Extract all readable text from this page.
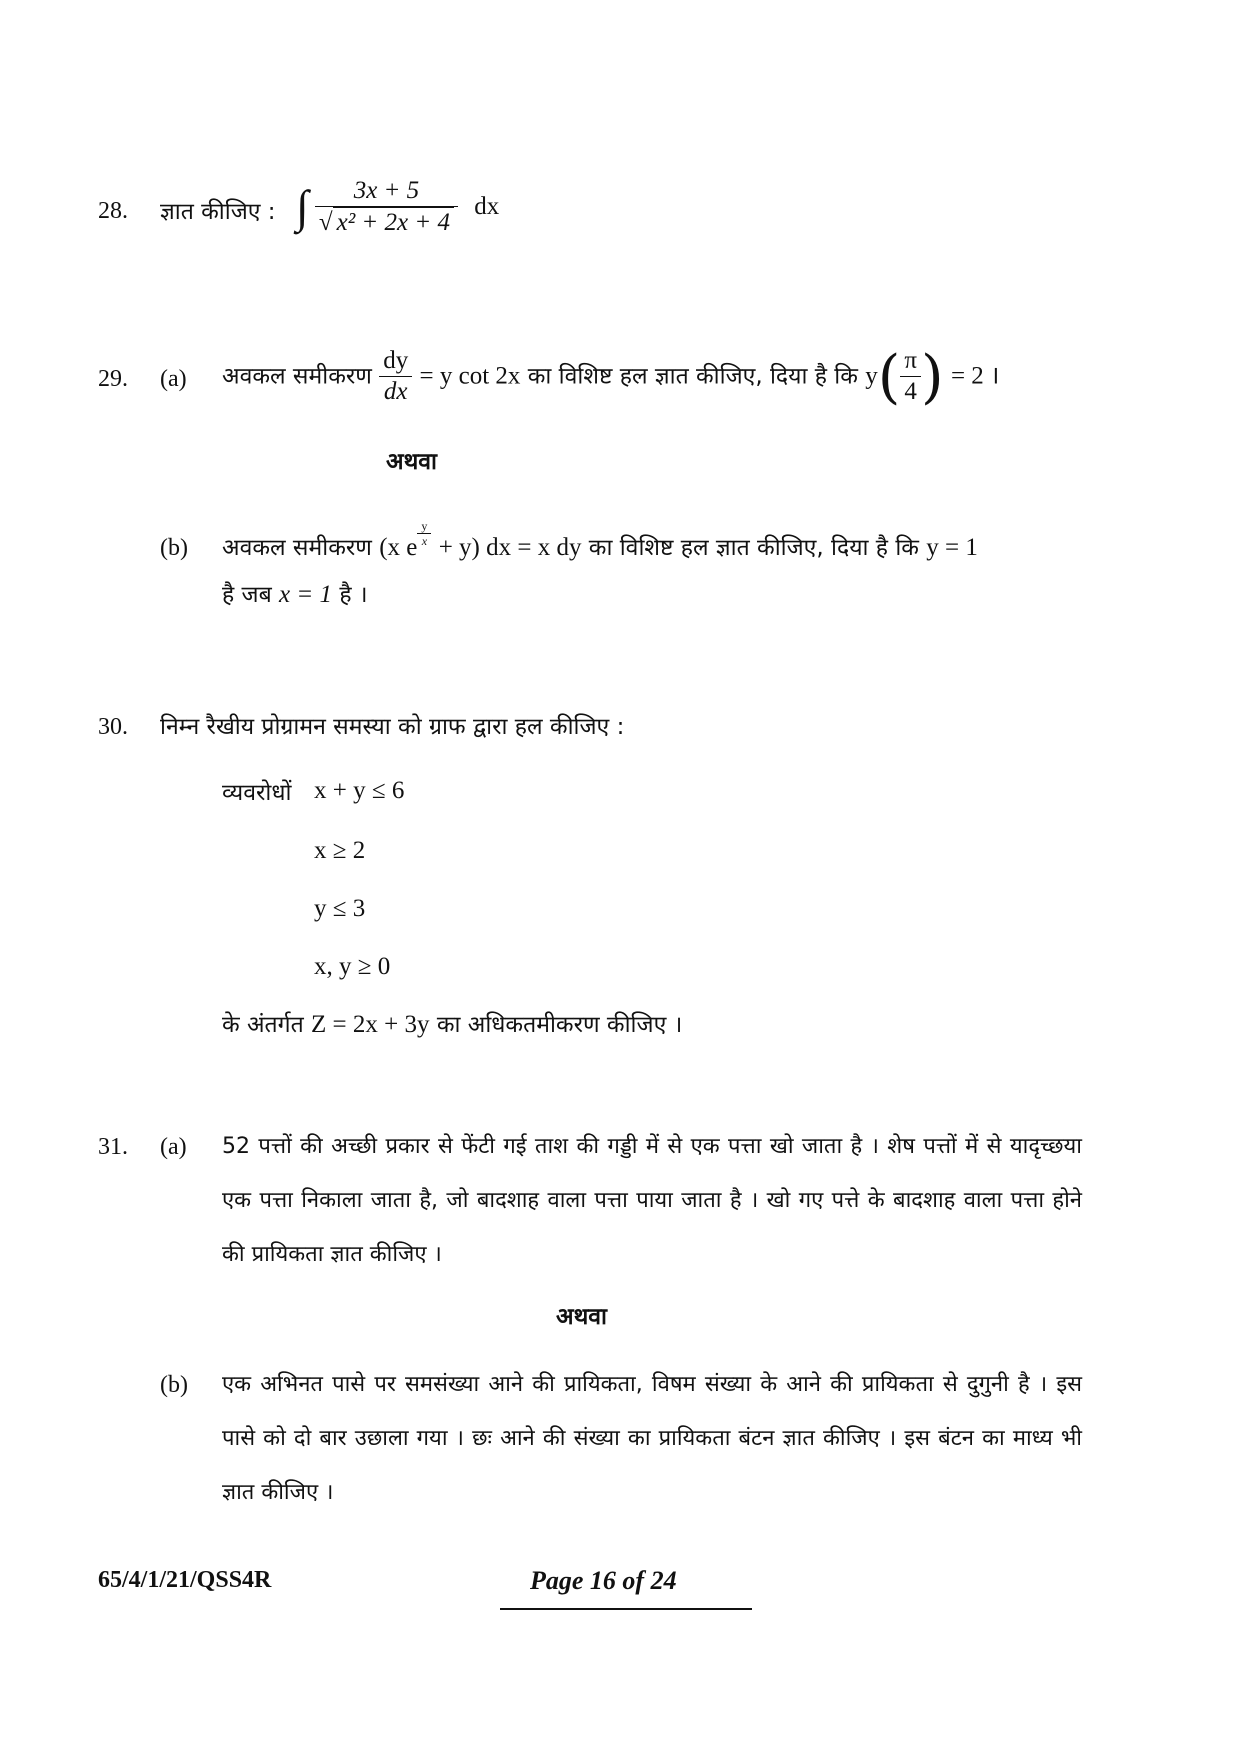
28. ज्ञात कीजिए : ∫ $\frac{3x + 5}{\text{√ x² + 2x + 4}}$ dx
29. (a) अवकल समीकरण $\frac{dy}{dx} = y$ cot 2x का विशिष्ट हल ज्ञात कीजिए, दिया है कि $y( \frac{\pi}{4}$ ) = 2 ।
अथवा
(b) अवकल समीकरण (x e $\frac{y}{x} + y$) dx = x dy का विशिष्ट हल ज्ञात कीजिए, दिया है कि y = 1
है जब x = 1 है ।
30. निम्न रैखीय प्रोग्रामन समस्या को ग्राफ द्वारा हल कीजिए :
व्यवरोधों x + y ≤ 6
x ≥ 2
y ≤ 3
x, y ≥ 0
के अंतर्गत Z = 2x + 3y का अधिकतमीकरण कीजिए ।
31. (a) 52 पत्तों की अच्छी प्रकार से फेंटी गई ताश की गड्डी में से एक पत्ता खो जाता है । शेष पत्तों में से यादृच्छया एक पत्ता निकाला जाता है, जो बादशाह वाला पत्ता पाया जाता है । खो गए पत्ते के बादशाह वाला पत्ता होने की प्रायिकता ज्ञात कीजिए ।
अथवा
(b) एक अभिनत पासे पर समसंख्या आने की प्रायिकता, विषम संख्या के आने की प्रायिकता से दुगुनी है । इस पासे को दो बार उछाला गया । छः आने की संख्या का प्रायिकता बंटन ज्ञात कीजिए । इस बंटन का माध्य भी ज्ञात कीजिए ।
65/4/1/21/QSS4R	Page 16 of 24
